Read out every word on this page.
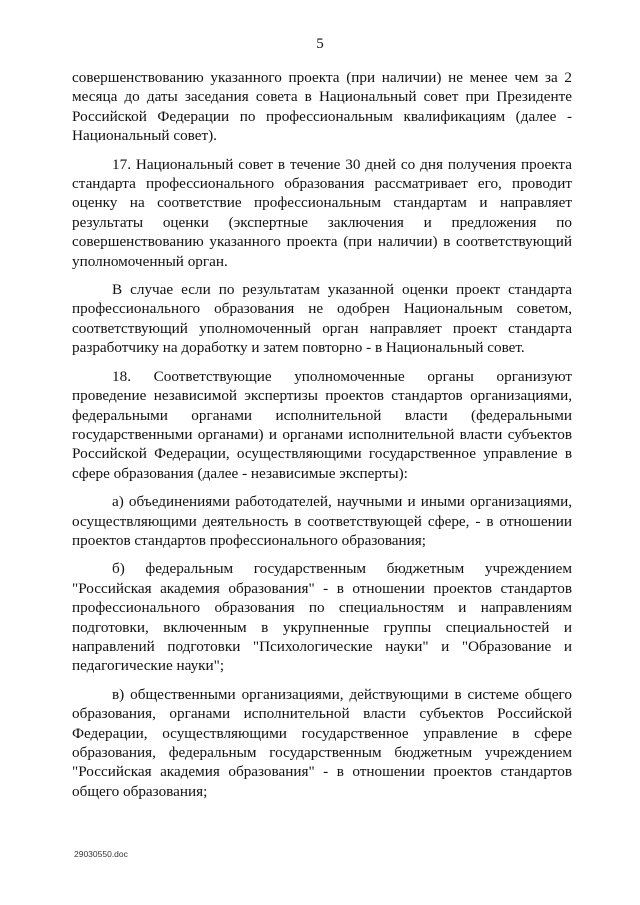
5

совершенствованию указанного проекта (при наличии) не менее чем за 2 месяца до даты заседания совета в Национальный совет при Президенте Российской Федерации по профессиональным квалификациям (далее - Национальный совет).

17. Национальный совет в течение 30 дней со дня получения проекта стандарта профессионального образования рассматривает его, проводит оценку на соответствие профессиональным стандартам и направляет результаты оценки (экспертные заключения и предложения по совершенствованию указанного проекта (при наличии) в соответствующий уполномоченный орган.

В случае если по результатам указанной оценки проект стандарта профессионального образования не одобрен Национальным советом, соответствующий уполномоченный орган направляет проект стандарта разработчику на доработку и затем повторно - в Национальный совет.

18. Соответствующие уполномоченные органы организуют проведение независимой экспертизы проектов стандартов организациями, федеральными органами исполнительной власти (федеральными государственными органами) и органами исполнительной власти субъектов Российской Федерации, осуществляющими государственное управление в сфере образования (далее - независимые эксперты):

а) объединениями работодателей, научными и иными организациями, осуществляющими деятельность в соответствующей сфере, - в отношении проектов стандартов профессионального образования;

б) федеральным государственным бюджетным учреждением "Российская академия образования" - в отношении проектов стандартов профессионального образования по специальностям и направлениям подготовки, включенным в укрупненные группы специальностей и направлений подготовки "Психологические науки" и "Образование и педагогические науки";

в) общественными организациями, действующими в системе общего образования, органами исполнительной власти субъектов Российской Федерации, осуществляющими государственное управление в сфере образования, федеральным государственным бюджетным учреждением "Российская академия образования" - в отношении проектов стандартов общего образования;

29030550.doc
